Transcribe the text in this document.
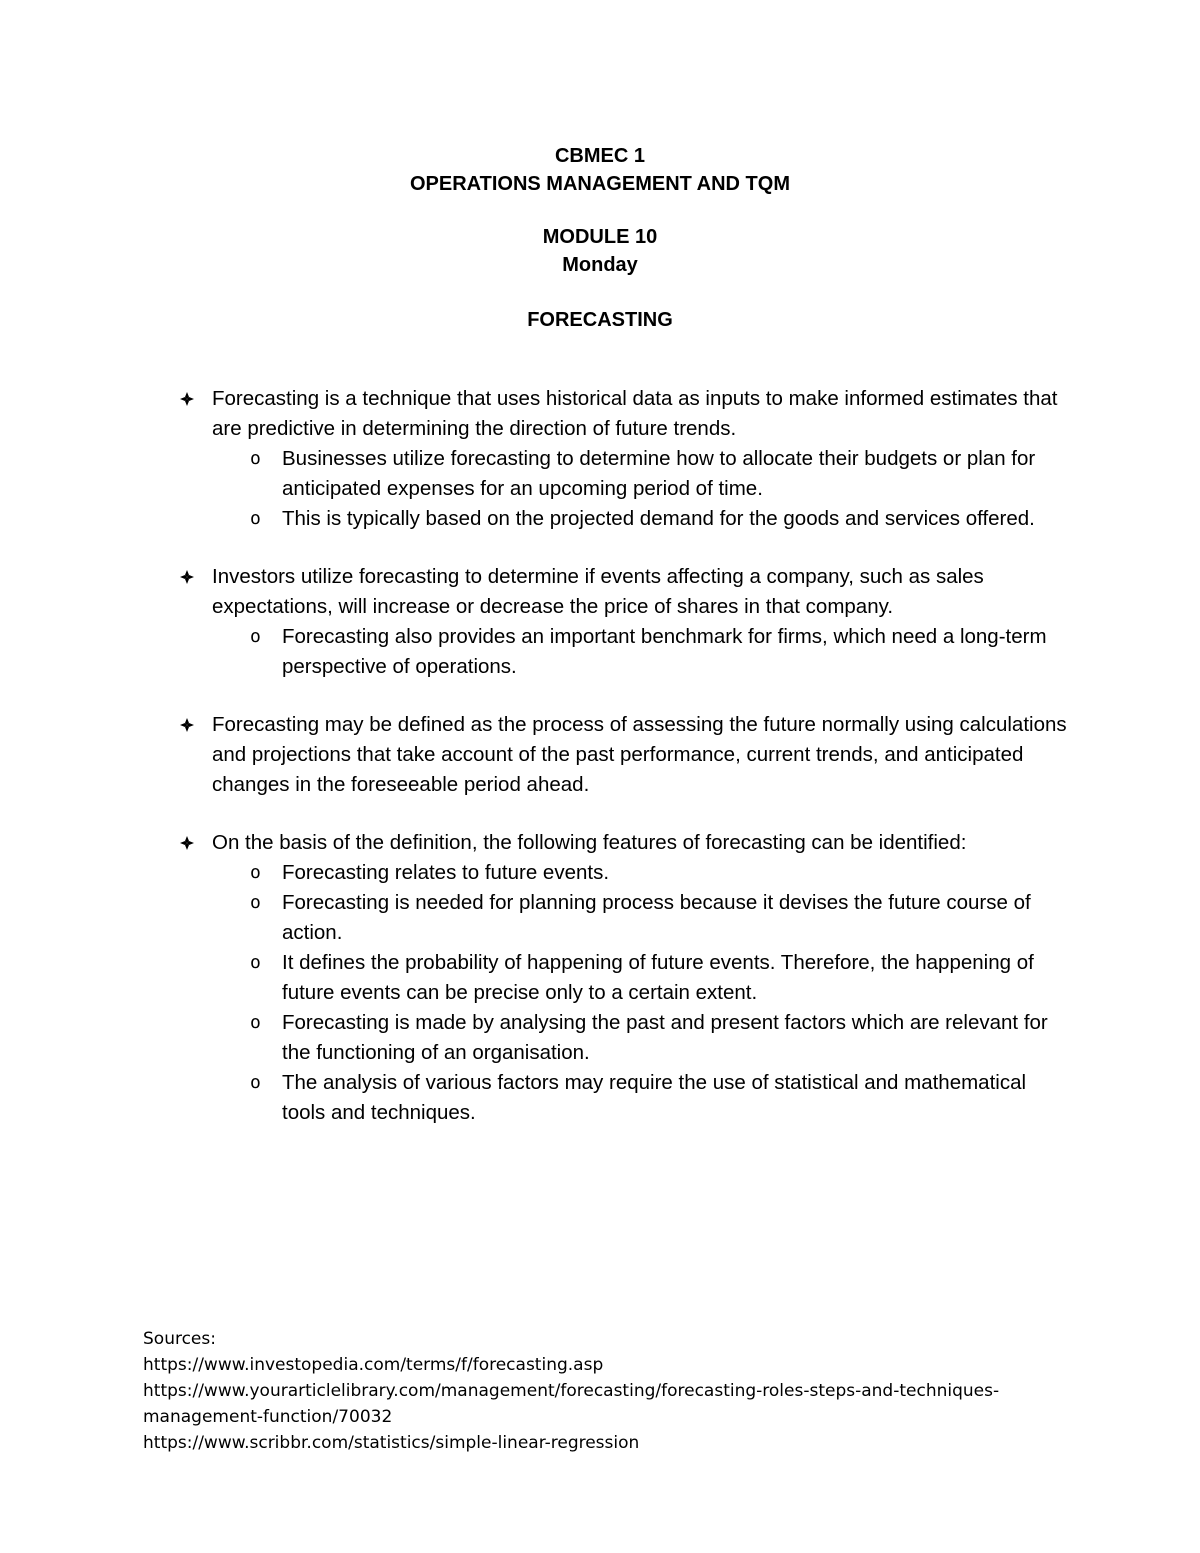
CBMEC 1
OPERATIONS MANAGEMENT AND TQM
MODULE 10
Monday
FORECASTING
Forecasting is a technique that uses historical data as inputs to make informed estimates that are predictive in determining the direction of future trends.
o Businesses utilize forecasting to determine how to allocate their budgets or plan for anticipated expenses for an upcoming period of time.
o This is typically based on the projected demand for the goods and services offered.
Investors utilize forecasting to determine if events affecting a company, such as sales expectations, will increase or decrease the price of shares in that company.
o Forecasting also provides an important benchmark for firms, which need a long-term perspective of operations.
Forecasting may be defined as the process of assessing the future normally using calculations and projections that take account of the past performance, current trends, and anticipated changes in the foreseeable period ahead.
On the basis of the definition, the following features of forecasting can be identified:
o Forecasting relates to future events.
o Forecasting is needed for planning process because it devises the future course of action.
o It defines the probability of happening of future events. Therefore, the happening of future events can be precise only to a certain extent.
o Forecasting is made by analysing the past and present factors which are relevant for the functioning of an organisation.
o The analysis of various factors may require the use of statistical and mathematical tools and techniques.
Sources:
https://www.investopedia.com/terms/f/forecasting.asp
https://www.yourarticlelibrary.com/management/forecasting/forecasting-roles-steps-and-techniques-management-function/70032
https://www.scribbr.com/statistics/simple-linear-regression
